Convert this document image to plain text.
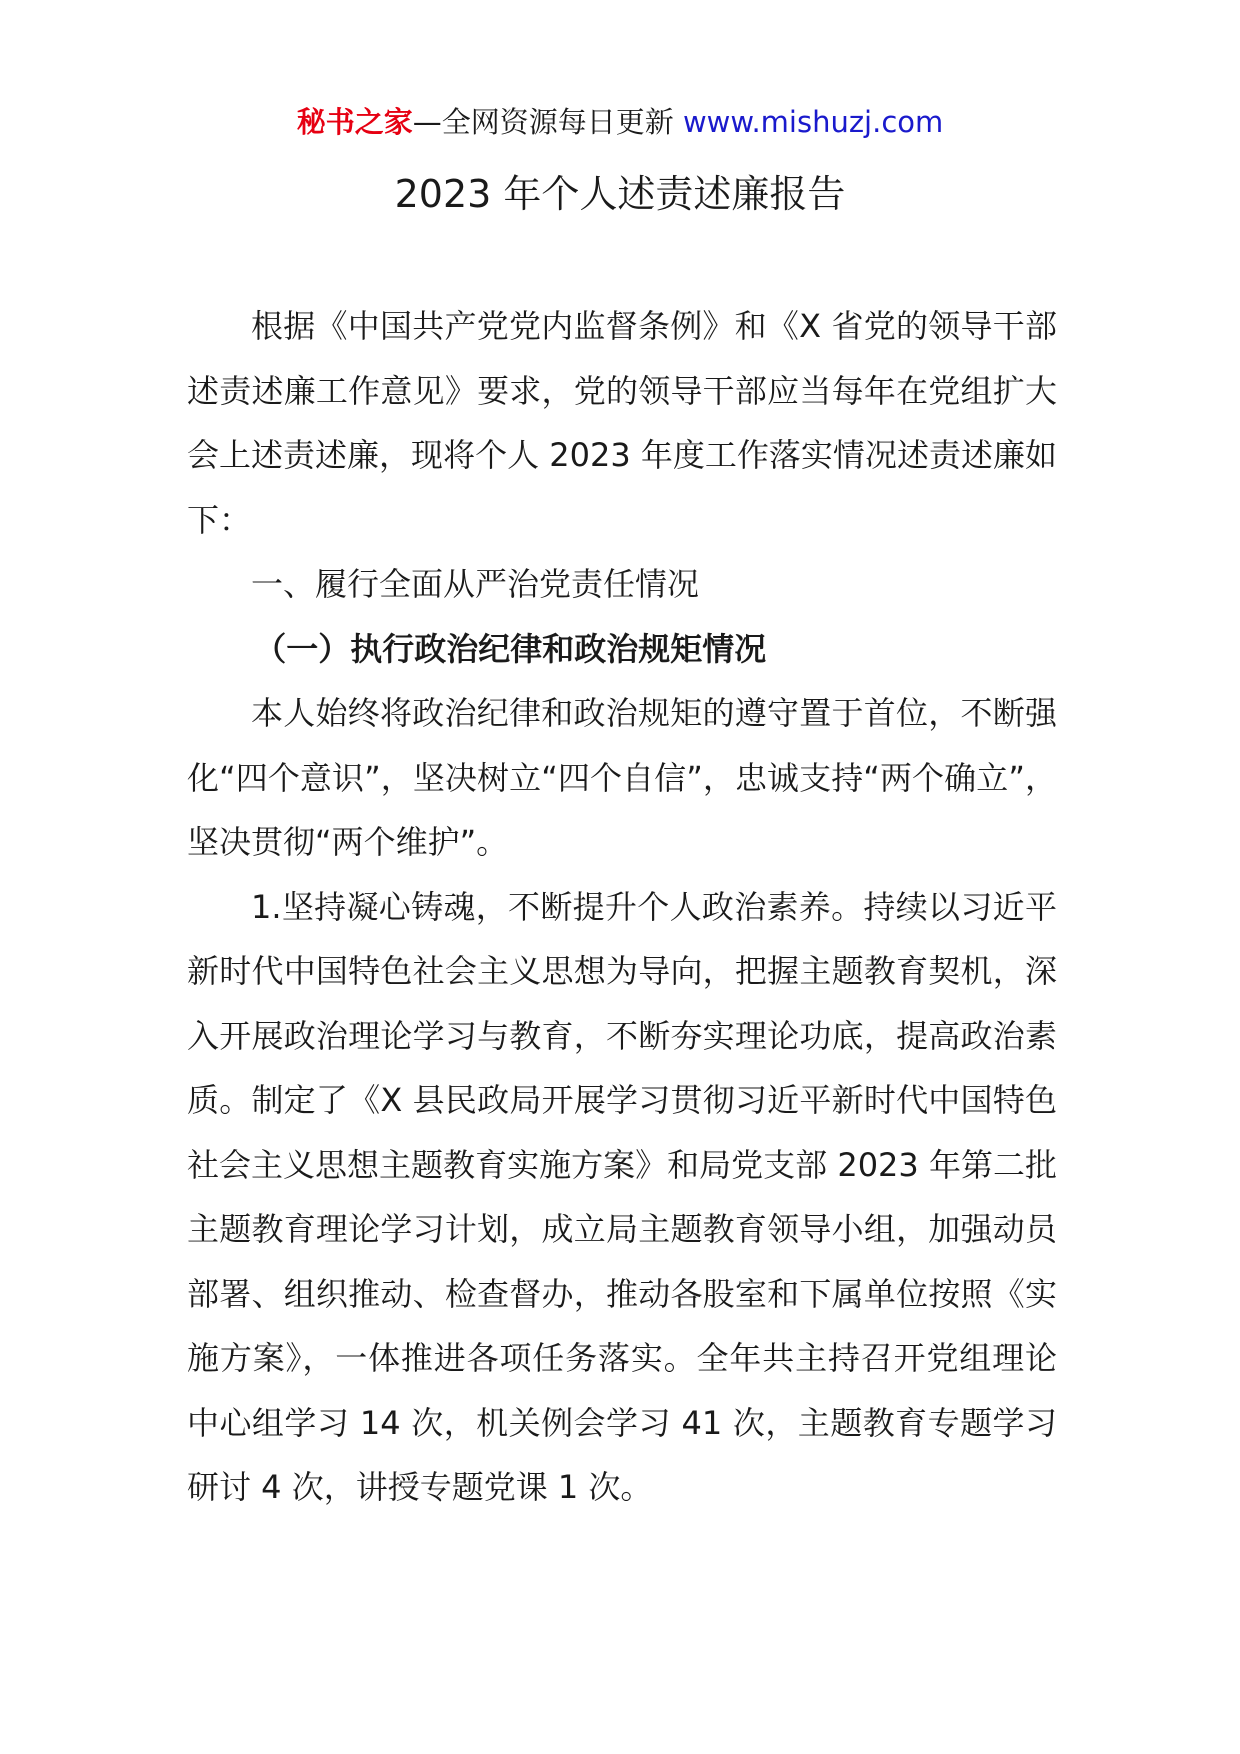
秘书之家—全网资源每日更新 www.mishuzj.com
2023 年个人述责述廉报告

根据《中国共产党党内监督条例》和《X 省党的领导干部述责述廉工作意见》要求，党的领导干部应当每年在党组扩大会上述责述廉，现将个人 2023 年度工作落实情况述责述廉如下：

一、履行全面从严治党责任情况

（一）执行政治纪律和政治规矩情况

本人始终将政治纪律和政治规矩的遵守置于首位，不断强化“四个意识”，坚决树立“四个自信”，忠诚支持“两个确立”，坚决贯彻“两个维护”。

1.坚持凝心铸魂，不断提升个人政治素养。持续以习近平新时代中国特色社会主义思想为导向，把握主题教育契机，深入开展政治理论学习与教育，不断夯实理论功底，提高政治素质。制定了《X 县民政局开展学习贯彻习近平新时代中国特色社会主义思想主题教育实施方案》和局党支部 2023 年第二批主题教育理论学习计划，成立局主题教育领导小组，加强动员部署、组织推动、检查督办，推动各股室和下属单位按照《实施方案》，一体推进各项任务落实。全年共主持召开党组理论中心组学习 14 次，机关例会学习 41 次，主题教育专题学习研讨 4 次，讲授专题党课 1 次。
